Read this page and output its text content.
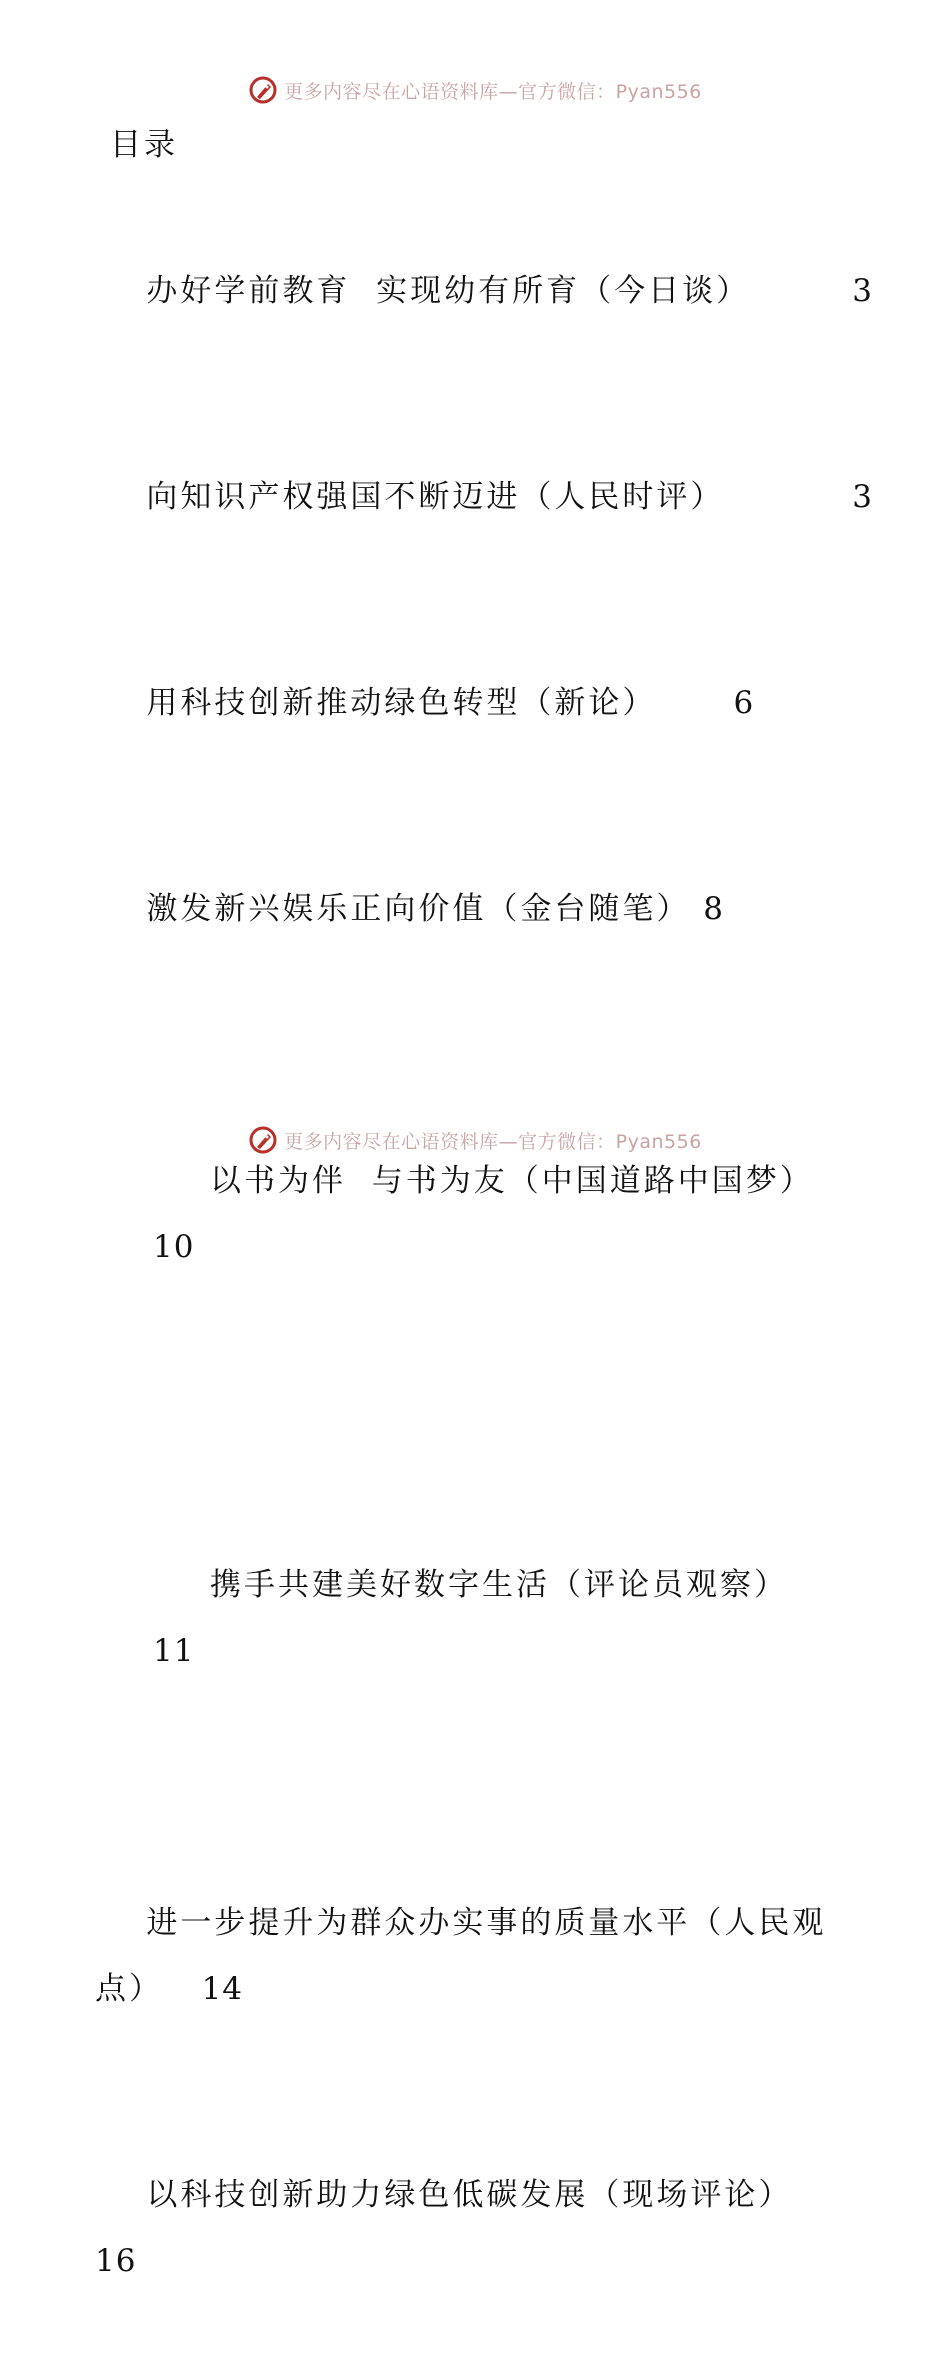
更多内容尽在心语资料库—官方微信：Pyan556
目录

办好学前教育  实现幼有所育（今日谈）	3

向知识产权强国不断迈进（人民时评）	3

用科技创新推动绿色转型（新论） 6

激发新兴娱乐正向价值（金台随笔） 8

以书为伴  与书为友（中国道路中国梦）
10

携手共建美好数字生活（评论员观察）
11

进一步提升为群众办实事的质量水平（人民观点） 14

以科技创新助力绿色低碳发展（现场评论）    16

更多内容尽在心语资料库—官方微信：Pyan556
